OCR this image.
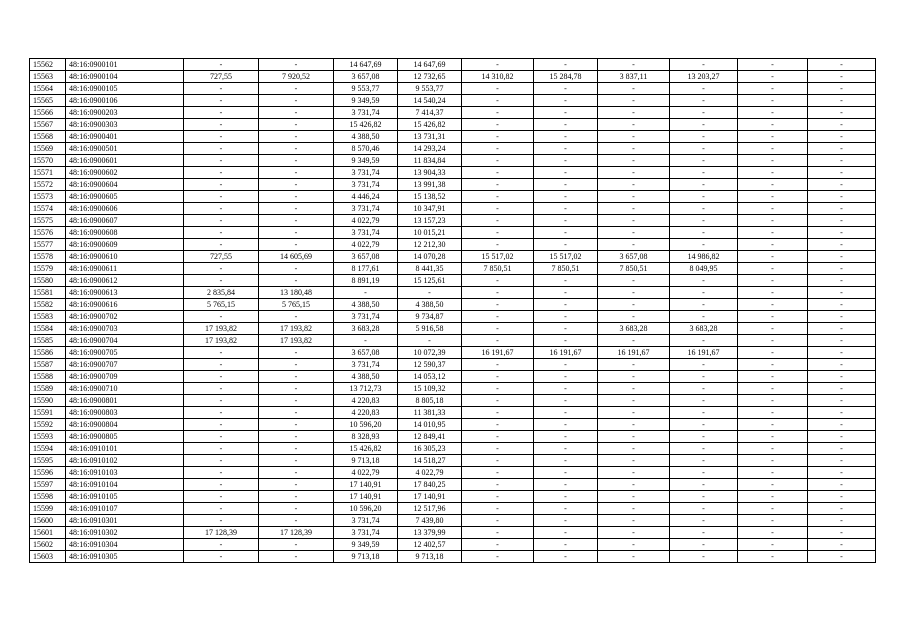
15562	48:16:0900101	-	-	14 647,69	14 647,69	-	-	-	-	-	-
15563	48:16:0900104	727,55	7 920,52	3 657,08	12 732,65	14 310,82	15 284,78	3 837,11	13 203,27	-	-
15564	48:16:0900105	-	-	9 553,77	9 553,77	-	-	-	-	-	-
15565	48:16:0900106	-	-	9 349,59	14 540,24	-	-	-	-	-	-
15566	48:16:0900203	-	-	3 731,74	7 414,37	-	-	-	-	-	-
15567	48:16:0900303	-	-	15 426,82	15 426,82	-	-	-	-	-	-
15568	48:16:0900401	-	-	4 388,50	13 731,31	-	-	-	-	-	-
15569	48:16:0900501	-	-	8 570,46	14 293,24	-	-	-	-	-	-
15570	48:16:0900601	-	-	9 349,59	11 834,84	-	-	-	-	-	-
15571	48:16:0900602	-	-	3 731,74	13 904,33	-	-	-	-	-	-
15572	48:16:0900604	-	-	3 731,74	13 991,38	-	-	-	-	-	-
15573	48:16:0900605	-	-	4 446,24	15 138,52	-	-	-	-	-	-
15574	48:16:0900606	-	-	3 731,74	10 347,91	-	-	-	-	-	-
15575	48:16:0900607	-	-	4 022,79	13 157,23	-	-	-	-	-	-
15576	48:16:0900608	-	-	3 731,74	10 015,21	-	-	-	-	-	-
15577	48:16:0900609	-	-	4 022,79	12 212,30	-	-	-	-	-	-
15578	48:16:0900610	727,55	14 605,69	3 657,08	14 070,28	15 517,02	15 517,02	3 657,08	14 986,82	-	-
15579	48:16:0900611	-	-	8 177,61	8 441,35	7 850,51	7 850,51	7 850,51	8 049,95	-	-
15580	48:16:0900612	-	-	8 891,19	15 125,61	-	-	-	-	-	-
15581	48:16:0900613	2 835,84	13 180,48	-	-	-	-	-	-	-	-
15582	48:16:0900616	5 765,15	5 765,15	4 388,50	4 388,50	-	-	-	-	-	-
15583	48:16:0900702	-	-	3 731,74	9 734,87	-	-	-	-	-	-
15584	48:16:0900703	17 193,82	17 193,82	3 683,28	5 916,58	-	-	3 683,28	3 683,28	-	-
15585	48:16:0900704	17 193,82	17 193,82	-	-	-	-	-	-	-	-
15586	48:16:0900705	-	-	3 657,08	10 072,39	16 191,67	16 191,67	16 191,67	16 191,67	-	-
15587	48:16:0900707	-	-	3 731,74	12 590,37	-	-	-	-	-	-
15588	48:16:0900709	-	-	4 388,50	14 053,12	-	-	-	-	-	-
15589	48:16:0900710	-	-	13 712,73	15 109,32	-	-	-	-	-	-
15590	48:16:0900801	-	-	4 220,83	8 805,18	-	-	-	-	-	-
15591	48:16:0900803	-	-	4 220,83	11 381,33	-	-	-	-	-	-
15592	48:16:0900804	-	-	10 596,20	14 010,95	-	-	-	-	-	-
15593	48:16:0900805	-	-	8 328,93	12 849,41	-	-	-	-	-	-
15594	48:16:0910101	-	-	15 426,82	16 305,23	-	-	-	-	-	-
15595	48:16:0910102	-	-	9 713,18	14 518,27	-	-	-	-	-	-
15596	48:16:0910103	-	-	4 022,79	4 022,79	-	-	-	-	-	-
15597	48:16:0910104	-	-	17 140,91	17 840,25	-	-	-	-	-	-
15598	48:16:0910105	-	-	17 140,91	17 140,91	-	-	-	-	-	-
15599	48:16:0910107	-	-	10 596,20	12 517,96	-	-	-	-	-	-
15600	48:16:0910301	-	-	3 731,74	7 439,80	-	-	-	-	-	-
15601	48:16:0910302	17 128,39	17 128,39	3 731,74	13 379,99	-	-	-	-	-	-
15602	48:16:0910304	-	-	9 349,59	12 402,57	-	-	-	-	-	-
15603	48:16:0910305	-	-	9 713,18	9 713,18	-	-	-	-	-	-
